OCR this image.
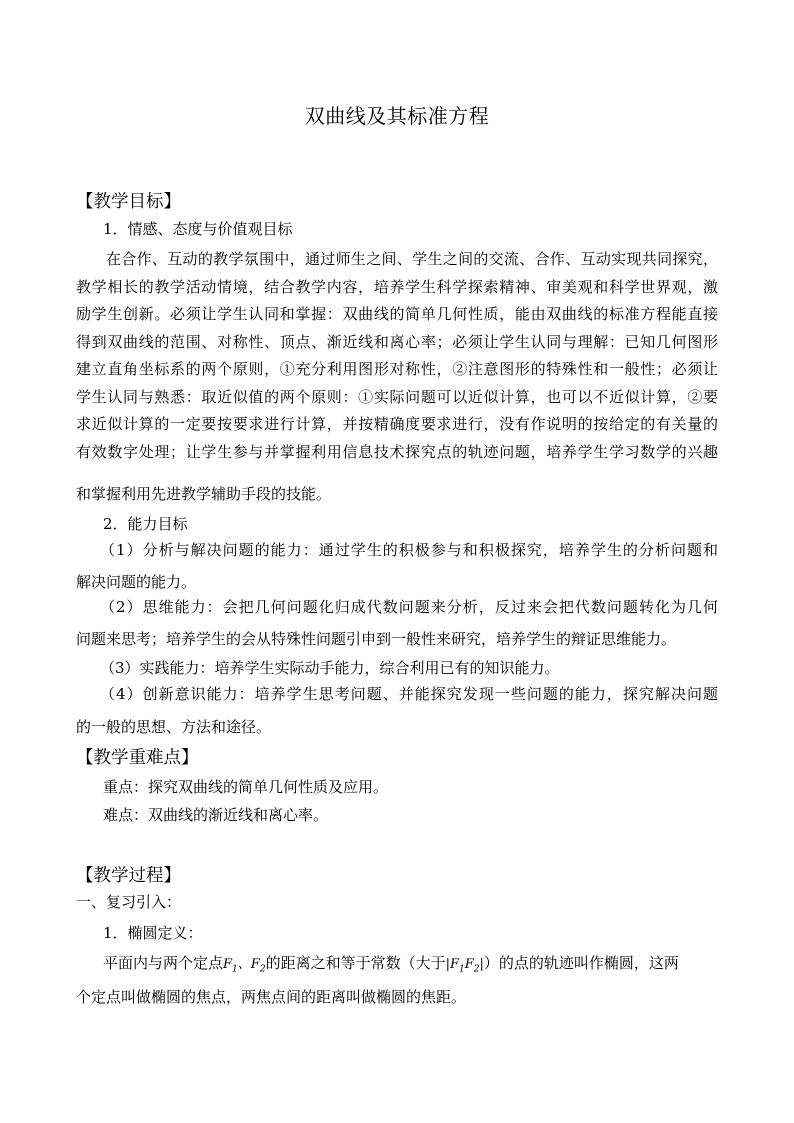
双曲线及其标准方程
【教学目标】
1．情感、态度与价值观目标
在合作、互动的教学氛围中，通过师生之间、学生之间的交流、合作、互动实现共同探究，
教学相长的教学活动情境，结合教学内容，培养学生科学探索精神、审美观和科学世界观，激
励学生创新。必须让学生认同和掌握：双曲线的简单几何性质，能由双曲线的标准方程能直接
得到双曲线的范围、对称性、顶点、渐近线和离心率；必须让学生认同与理解：已知几何图形
建立直角坐标系的两个原则，①充分利用图形对称性，②注意图形的特殊性和一般性；必须让
学生认同与熟悉：取近似值的两个原则：①实际问题可以近似计算，也可以不近似计算，②要
求近似计算的一定要按要求进行计算，并按精确度要求进行，没有作说明的按给定的有关量的
有效数字处理；让学生参与并掌握利用信息技术探究点的轨迹问题，培养学生学习数学的兴趣
和掌握利用先进教学辅助手段的技能。
2．能力目标
（1）分析与解决问题的能力：通过学生的积极参与和积极探究，培养学生的分析问题和
解决问题的能力。
（2）思维能力：会把几何问题化归成代数问题来分析，反过来会把代数问题转化为几何
问题来思考；培养学生的会从特殊性问题引申到一般性来研究，培养学生的辩证思维能力。
（3）实践能力：培养学生实际动手能力，综合利用已有的知识能力。
（4）创新意识能力：培养学生思考问题、并能探究发现一些问题的能力，探究解决问题
的一般的思想、方法和途径。
【教学重难点】
重点：探究双曲线的简单几何性质及应用。
难点：双曲线的渐近线和离心率。
【教学过程】
一、复习引入：
1．椭圆定义：
平面内与两个定点$F_1$、$F_2$的距离之和等于常数（大于$|F_1F_2|$）的点的轨迹叫作椭圆，这两
个定点叫做椭圆的焦点，两焦点间的距离叫做椭圆的焦距。
